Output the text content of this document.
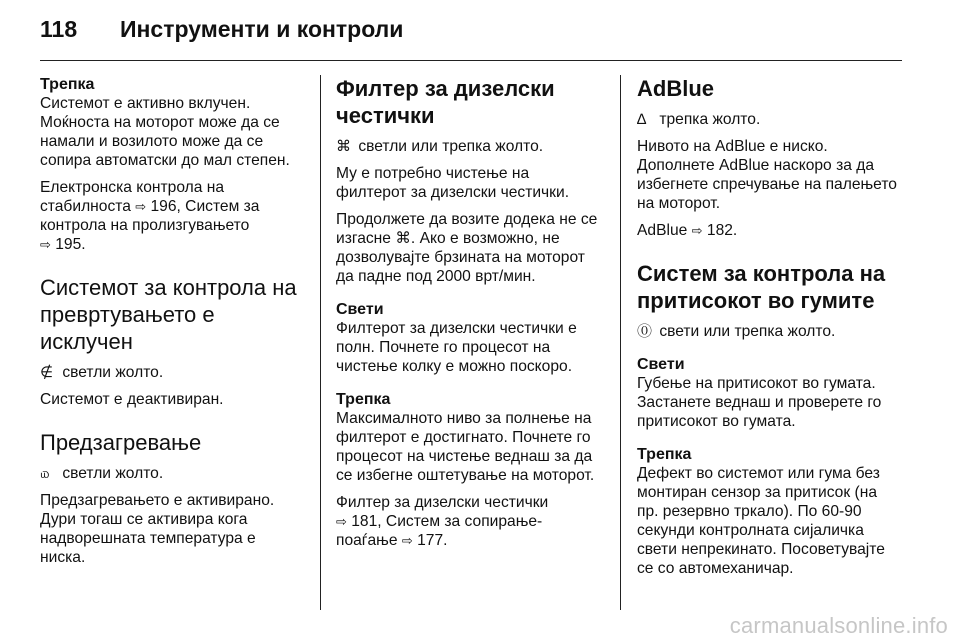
118	Инструменти и контроли
Трепка

Системот е активно вклучен. Моќноста на моторот може да се намали и возилото може да се сопира автоматски до мал степен.

Електронска контрола на стабилноста ⇨ 196, Систем за контрола на пролизгувањето
⇨ 195.

Системот за контрола на превртувањето е исклучен

∉ светли жолто.

Системот е деактивиран.

Предзагревање

௰ светли жолто.

Предзагревањето е активирано. Дури тогаш се активира кога надворешната температура е ниска.

Филтер за дизелски честички

⌘ светли или трепка жолто.

Му е потребно чистење на филтерот за дизелски честички.

Продолжете да возите додека не се изгасне ⌘. Ако е возможно, не дозволувајте брзината на моторот да падне под 2000 врт/мин.

Свети

Филтерот за дизелски честички е полн. Почнете го процесот на чистење колку е можно поскоро.

Трепка

Максималното ниво за полнење на филтерот е достигнато. Почнете го процесот на чистење веднаш за да се избегне оштетување на моторот.

Филтер за дизелски честички
⇨ 181, Систем за сопирање-поаѓање ⇨ 177.

AdBlue

∆ трепка жолто.

Нивото на AdBlue е ниско. Дополнете AdBlue наскоро за да избегнете спречување на палењето на моторот.

AdBlue ⇨ 182.

Систем за контрола на притисокот во гумите

⓪ свети или трепка жолто.

Свети

Губење на притисокот во гумата. Застанете веднаш и проверете го притисокот во гумата.

Трепка

Дефект во системот или гума без монтиран сензор за притисок (на пр. резервно тркало). По 60-90 секунди контролната сијаличка свети непрекинато. Посоветувајте се со автомеханичар.

carmanualsonline.info
